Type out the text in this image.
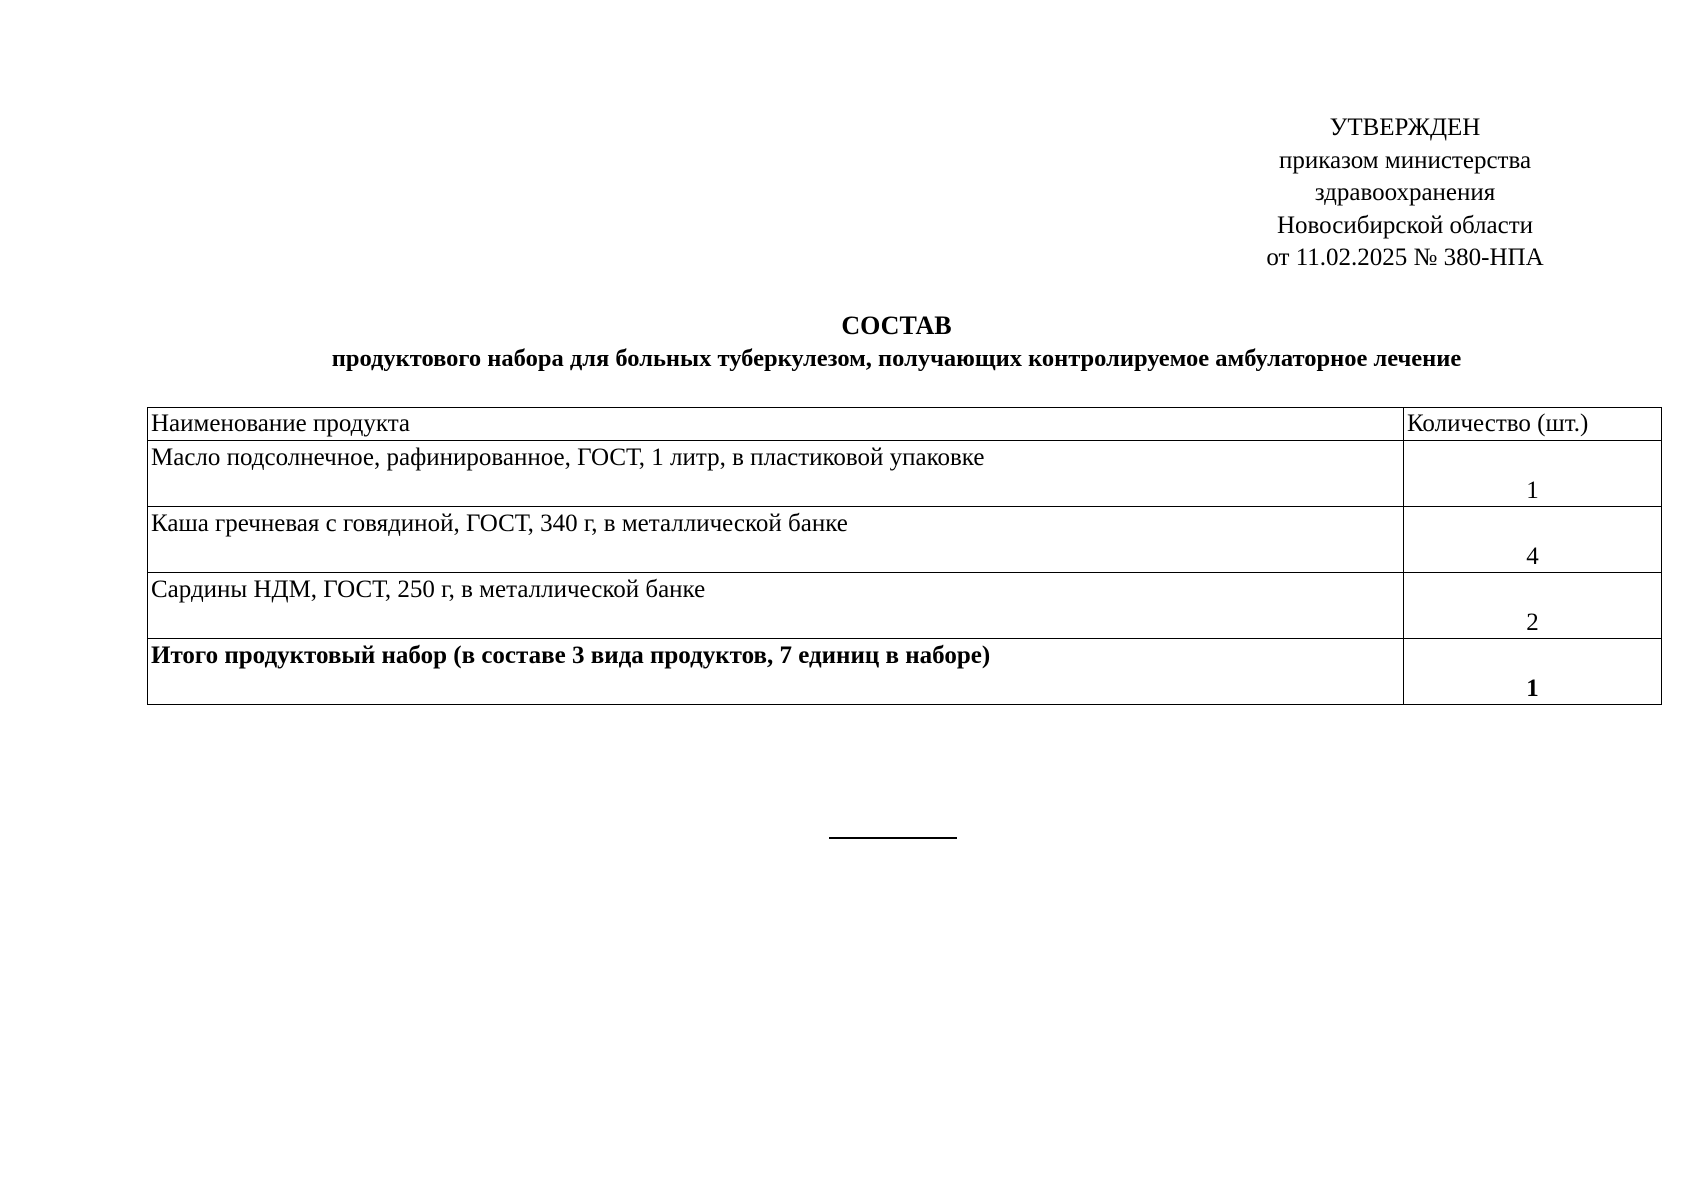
УТВЕРЖДЕН
приказом министерства
здравоохранения
Новосибирской области
от 11.02.2025 № 380-НПА
СОСТАВ
продуктового набора для больных туберкулезом, получающих контролируемое амбулаторное лечение
Наименование продукта	Количество (шт.)

Масло подсолнечное, рафинированное, ГОСТ, 1 литр, в пластиковой упаковке	1

Каша гречневая с говядиной, ГОСТ, 340 г, в металлической банке	4

Сардины НДМ, ГОСТ, 250 г, в металлической банке	2

Итого продуктовый набор (в составе 3 вида продуктов, 7 единиц в наборе)	1
